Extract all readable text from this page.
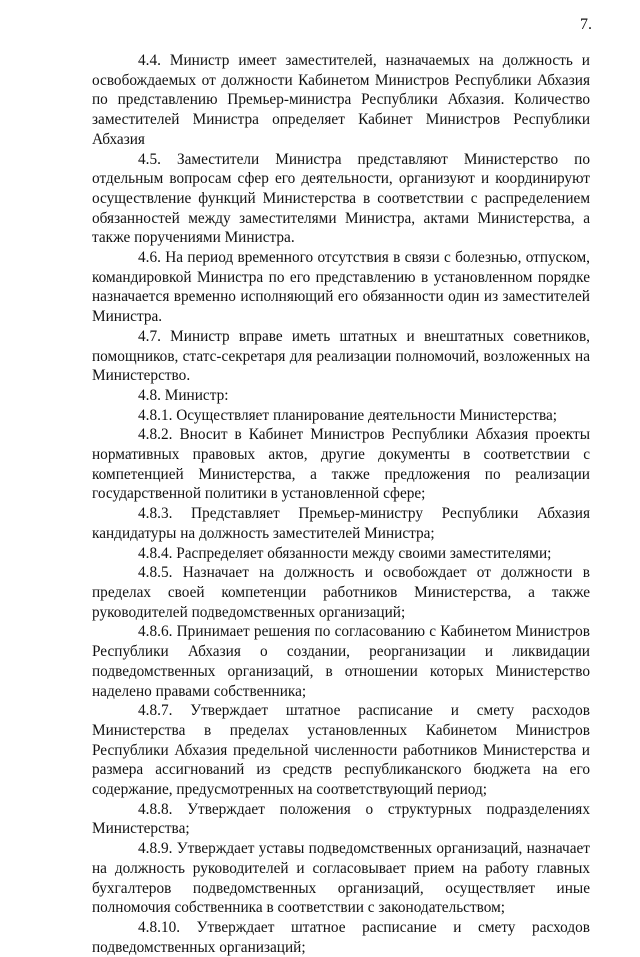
7.

4.4. Министр имеет заместителей, назначаемых на должность и освобождаемых от должности Кабинетом Министров Республики Абхазия по представлению Премьер-министра Республики Абхазия. Количество заместителей Министра определяет Кабинет Министров Республики Абхазия

4.5. Заместители Министра представляют Министерство по отдельным вопросам сфер его деятельности, организуют и координируют осуществление функций Министерства в соответствии с распределением обязанностей между заместителями Министра, актами Министерства, а также поручениями Министра.

4.6. На период временного отсутствия в связи с болезнью, отпуском, командировкой Министра по его представлению в установленном порядке назначается временно исполняющий его обязанности один из заместителей Министра.

4.7. Министр вправе иметь штатных и внештатных советников, помощников, статс-секретаря для реализации полномочий, возложенных на Министерство.

4.8. Министр:

4.8.1. Осуществляет планирование деятельности Министерства;

4.8.2. Вносит в Кабинет Министров Республики Абхазия проекты нормативных правовых актов, другие документы в соответствии с компетенцией Министерства, а также предложения по реализации государственной политики в установленной сфере;

4.8.3. Представляет Премьер-министру Республики Абхазия кандидатуры на должность заместителей Министра;

4.8.4. Распределяет обязанности между своими заместителями;

4.8.5. Назначает на должность и освобождает от должности в пределах своей компетенции работников Министерства, а также руководителей подведомственных организаций;

4.8.6. Принимает решения по согласованию с Кабинетом Министров Республики Абхазия о создании, реорганизации и ликвидации подведомственных организаций, в отношении которых Министерство наделено правами собственника;

4.8.7. Утверждает штатное расписание и смету расходов Министерства в пределах установленных Кабинетом Министров Республики Абхазия предельной численности работников Министерства и размера ассигнований из средств республиканского бюджета на его содержание, предусмотренных на соответствующий период;

4.8.8. Утверждает положения о структурных подразделениях Министерства;

4.8.9. Утверждает уставы подведомственных организаций, назначает на должность руководителей и согласовывает прием на работу главных бухгалтеров подведомственных организаций, осуществляет иные полномочия собственника в соответствии с законодательством;

4.8.10. Утверждает штатное расписание и смету расходов подведомственных организаций;
